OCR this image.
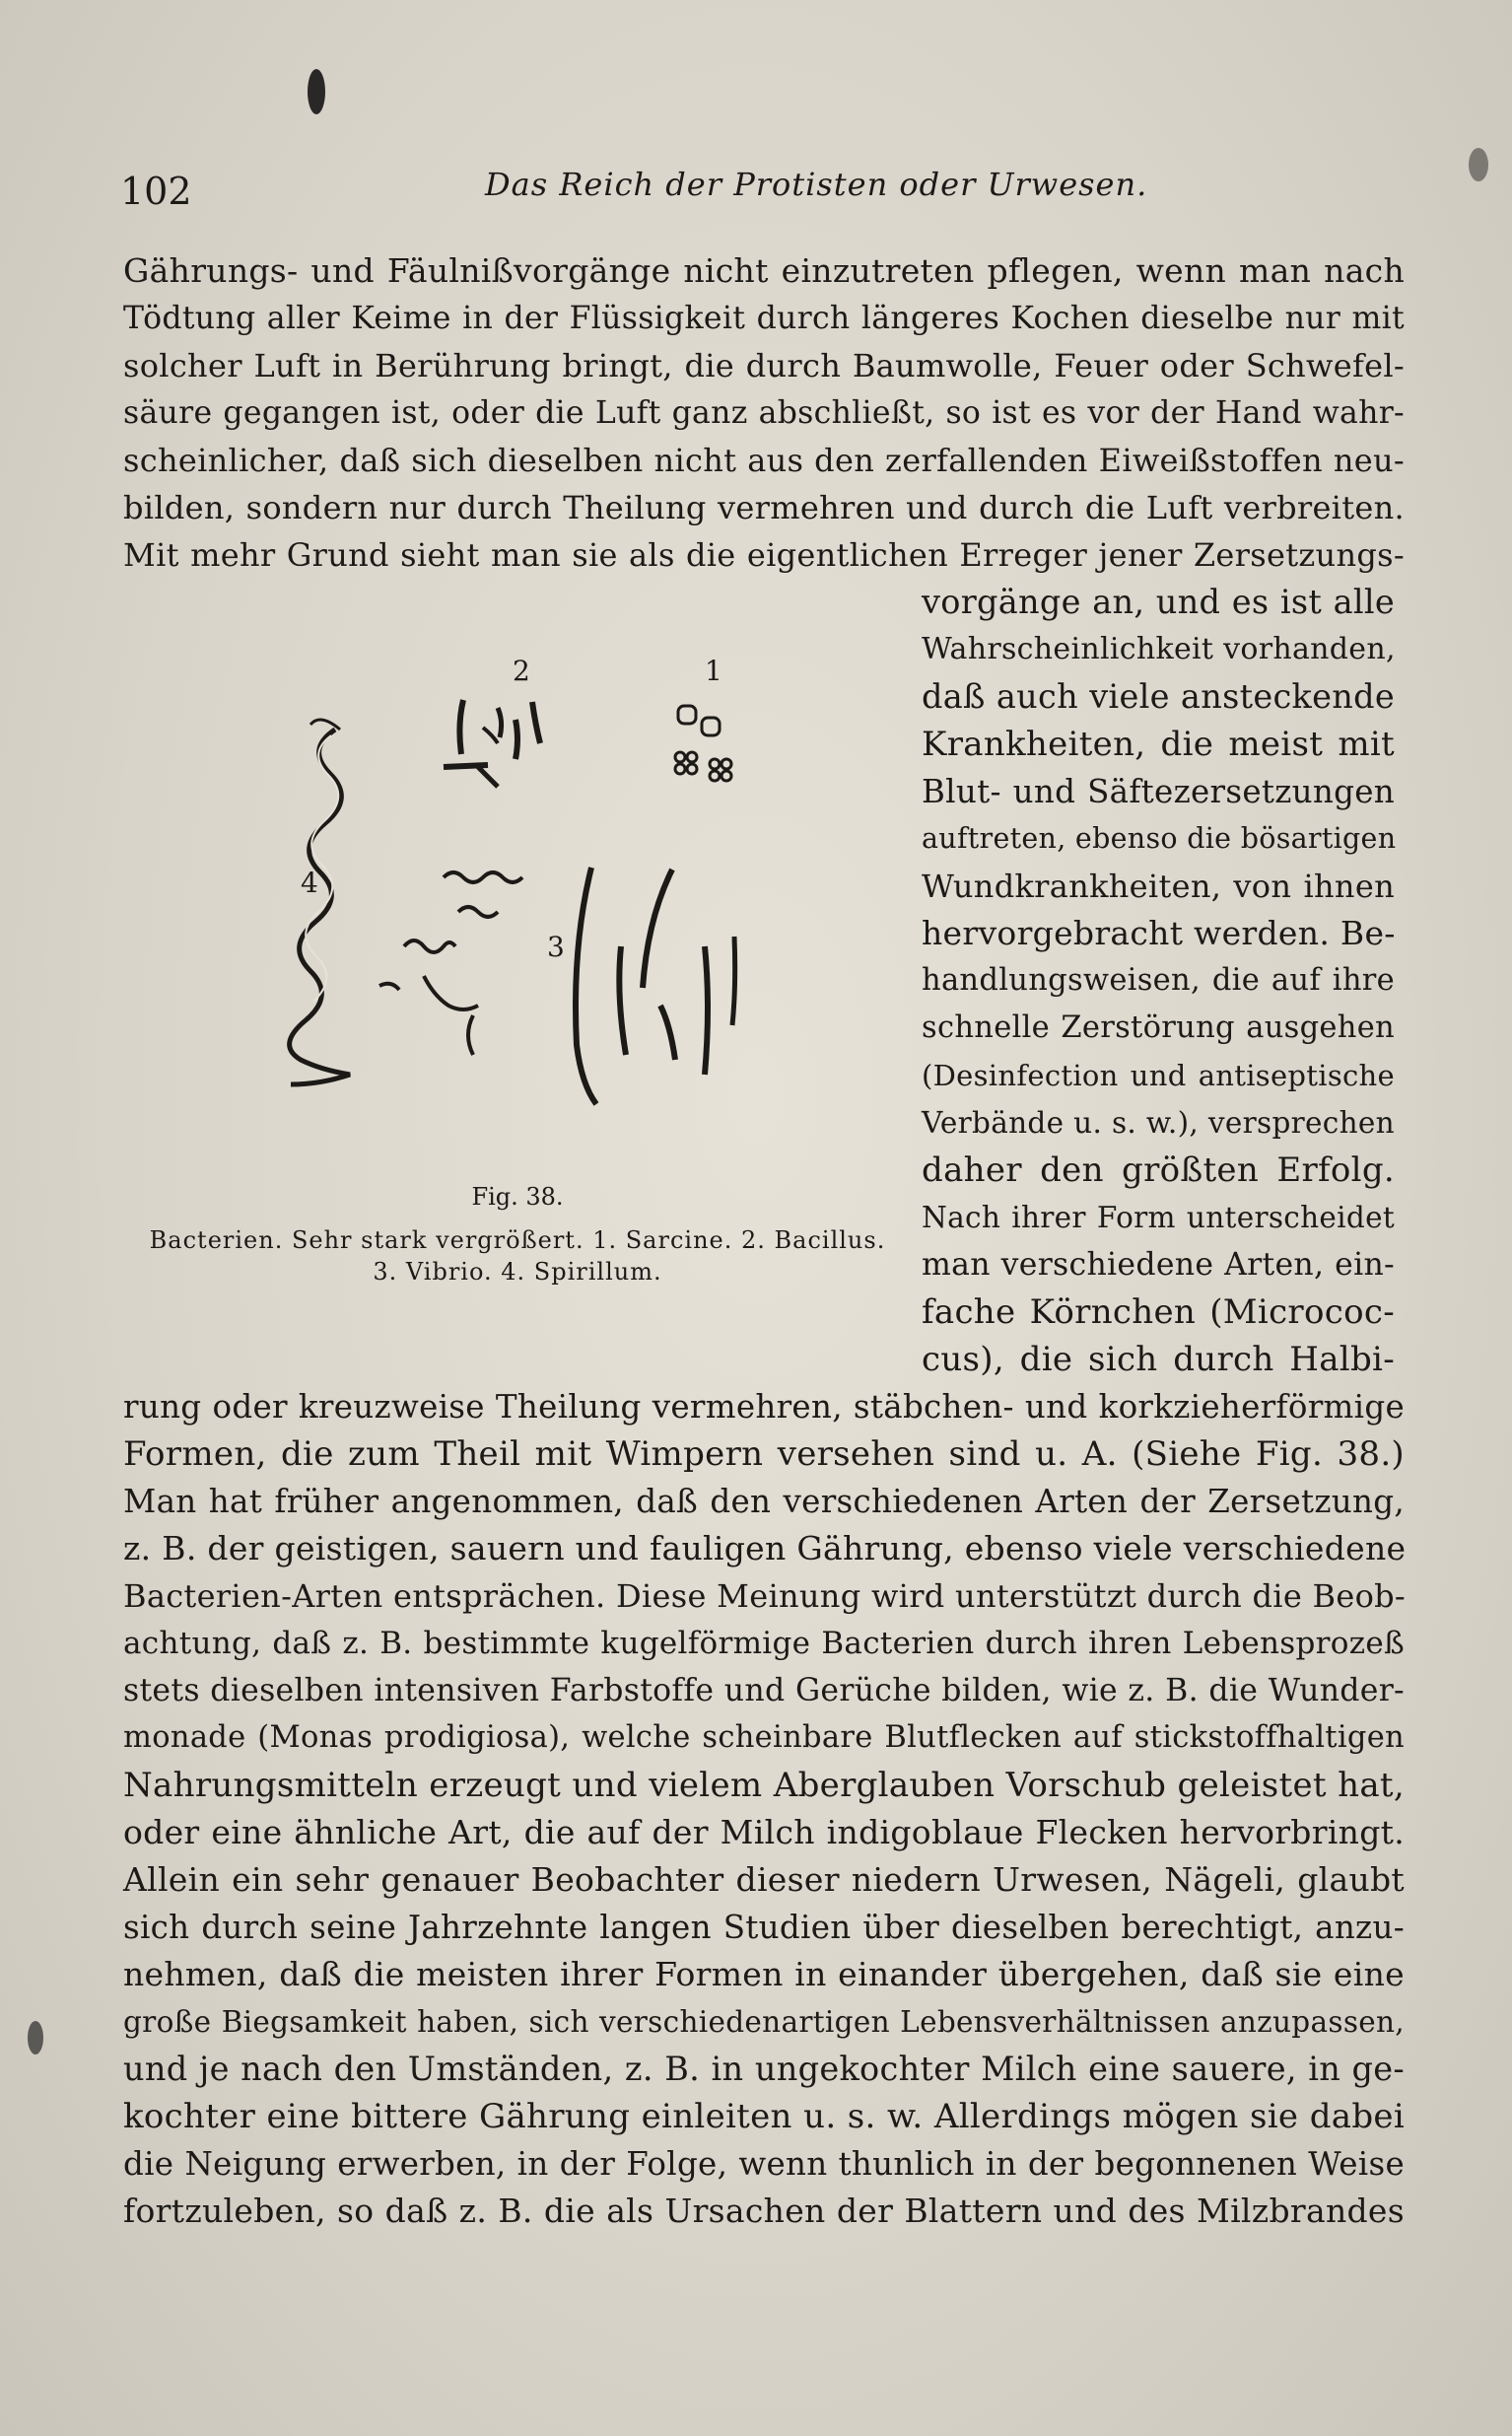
102	Das Reich der Protisten oder Urwesen.
Gährungs- und Fäulnißvorgänge nicht einzutreten pflegen, wenn man nach
Tödtung aller Keime in der Flüssigkeit durch längeres Kochen dieselbe nur mit
solcher Luft in Berührung bringt, die durch Baumwolle, Feuer oder Schwefel-
säure gegangen ist, oder die Luft ganz abschließt, so ist es vor der Hand wahr-
scheinlicher, daß sich dieselben nicht aus den zerfallenden Eiweißstoffen neu-
bilden, sondern nur durch Theilung vermehren und durch die Luft verbreiten.
Mit mehr Grund sieht man sie als die eigentlichen Erreger jener Zersetzungs-
vorgänge an, und es ist alle
Wahrscheinlichkeit vorhanden,
daß auch viele ansteckende
Krankheiten, die meist mit
Blut- und Säftezersetzungen
auftreten, ebenso die bösartigen
Wundkrankheiten, von ihnen
hervorgebracht werden. Be-
handlungsweisen, die auf ihre
schnelle Zerstörung ausgehen
(Desinfection und antiseptische
Verbände u. s. w.), versprechen
daher den größten Erfolg.
Nach ihrer Form unterscheidet
man verschiedene Arten, ein-
fache Körnchen (Micrococ-
cus), die sich durch Halbi-
2	1
4
3
Fig. 38.
Bacterien. Sehr stark vergrößert. 1. Sarcine. 2. Bacillus.
3. Vibrio. 4. Spirillum.
rung oder kreuzweise Theilung vermehren, stäbchen- und korkzieherförmige
Formen, die zum Theil mit Wimpern versehen sind u. A. (Siehe Fig. 38.)
Man hat früher angenommen, daß den verschiedenen Arten der Zersetzung,
z. B. der geistigen, sauern und fauligen Gährung, ebenso viele verschiedene
Bacterien-Arten entsprächen. Diese Meinung wird unterstützt durch die Beob-
achtung, daß z. B. bestimmte kugelförmige Bacterien durch ihren Lebensprozeß
stets dieselben intensiven Farbstoffe und Gerüche bilden, wie z. B. die Wunder-
monade (Monas prodigiosa), welche scheinbare Blutflecken auf stickstoffhaltigen
Nahrungsmitteln erzeugt und vielem Aberglauben Vorschub geleistet hat,
oder eine ähnliche Art, die auf der Milch indigoblaue Flecken hervorbringt.
Allein ein sehr genauer Beobachter dieser niedern Urwesen, Nägeli, glaubt
sich durch seine Jahrzehnte langen Studien über dieselben berechtigt, anzu-
nehmen, daß die meisten ihrer Formen in einander übergehen, daß sie eine
große Biegsamkeit haben, sich verschiedenartigen Lebensverhältnissen anzupassen,
und je nach den Umständen, z. B. in ungekochter Milch eine sauere, in ge-
kochter eine bittere Gährung einleiten u. s. w. Allerdings mögen sie dabei
die Neigung erwerben, in der Folge, wenn thunlich in der begonnenen Weise
fortzuleben, so daß z. B. die als Ursachen der Blattern und des Milzbrandes
